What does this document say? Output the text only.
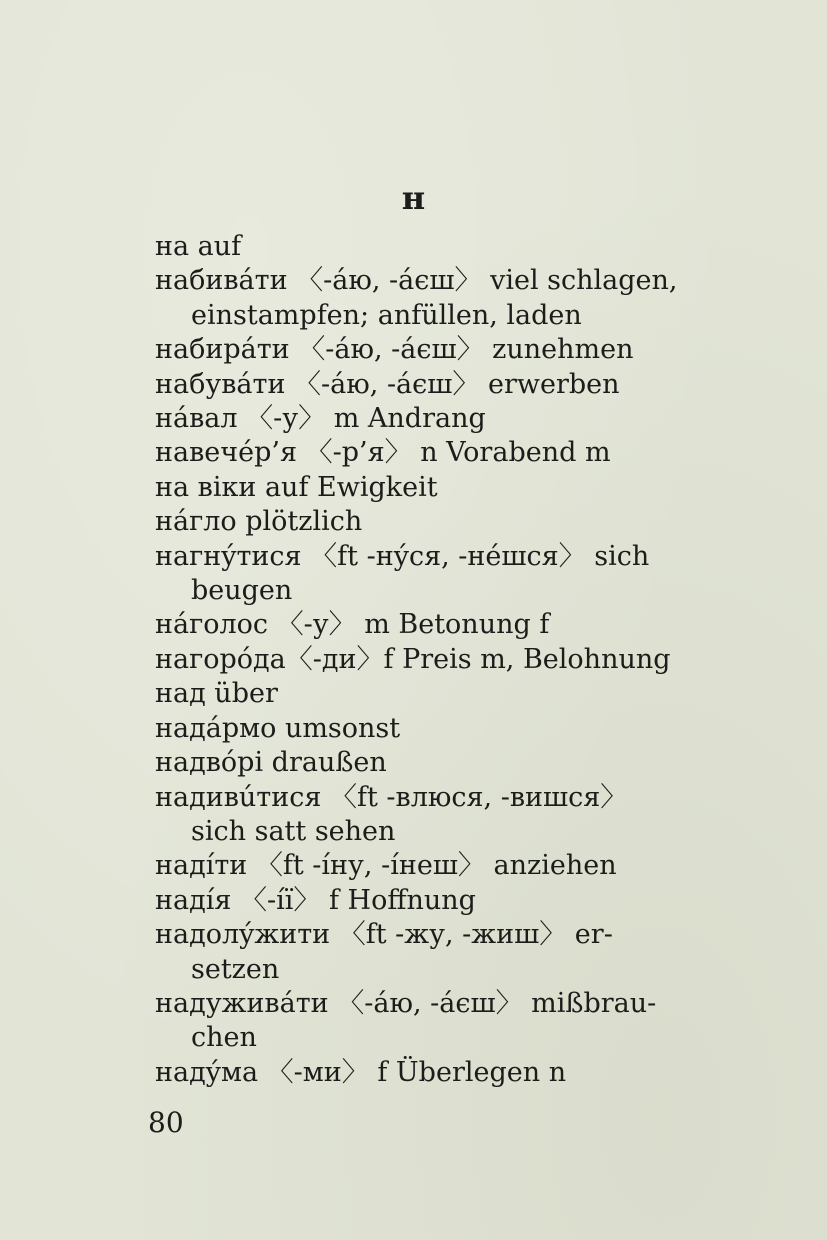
н
на auf
набивáти 〈-áю, -áєш〉 viel schlagen,
einstampfen; anfüllen, laden
набирáти 〈-áю, -áєш〉 zunehmen
набувáти 〈-áю, -áєш〉 erwerben
нáвал 〈-у〉 m Andrang
навечéр’я 〈-р’я〉 n Vorabend m
на віки auf Ewigkeit
нáгло plötzlich
нагнýтися 〈ft -нýся, -нéшся〉 sich
beugen
нáголос 〈-у〉 m Betonung f
нагорóда〈-ди〉f Preis m, Belohnung
над über
надáрмо umsonst
надвóрі draußen
надивúтися 〈ft -влюся, -вишся〉
sich satt sehen
надíти 〈ft -íну, -íнеш〉 anziehen
надíя 〈-íї〉 f Hoffnung
надолýжити 〈ft -жу, -жиш〉 er-
setzen
надуживáти 〈-áю, -áєш〉 mißbrau-
chen
надýма 〈-ми〉 f Überlegen n
80
